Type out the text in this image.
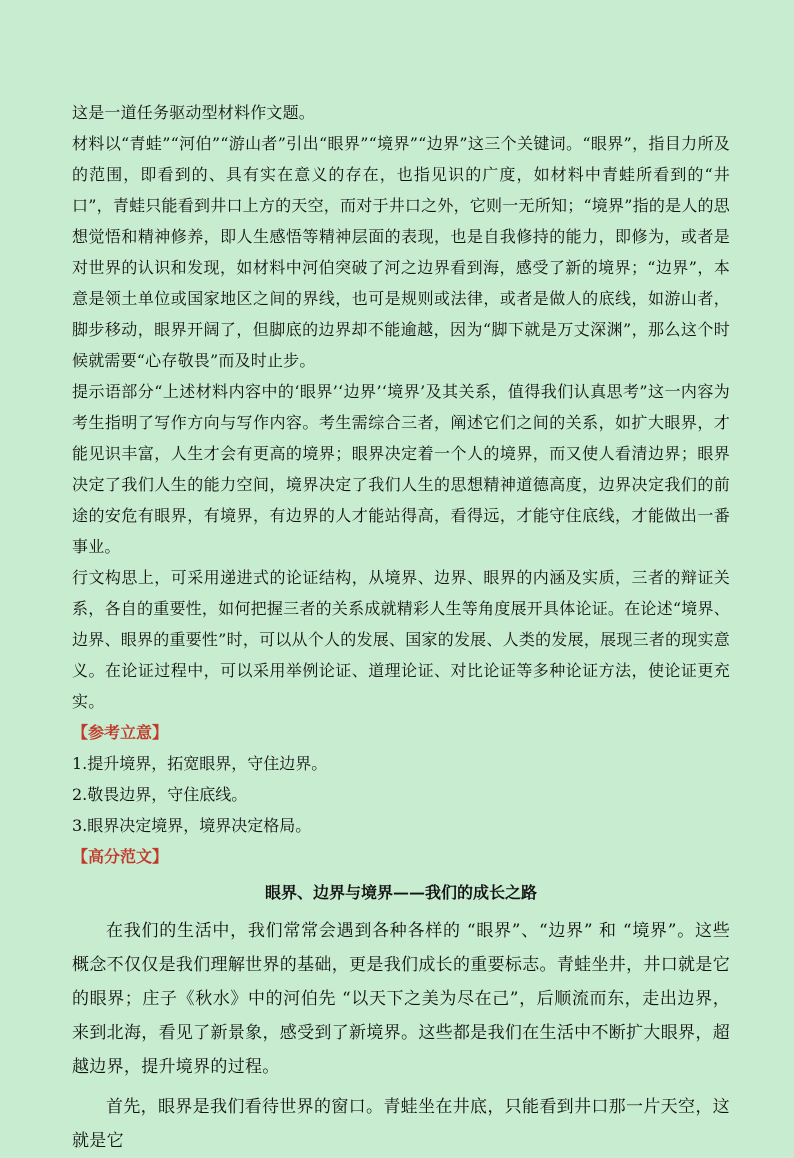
这是一道任务驱动型材料作文题。

材料以“青蛙”“河伯”“游山者”引出“眼界”“境界”“边界”这三个关键词。“眼界”，指目力所及的范围，即看到的、具有实在意义的存在，也指见识的广度，如材料中青蛙所看到的“井口”，青蛙只能看到井口上方的天空，而对于井口之外，它则一无所知；“境界”指的是人的思想觉悟和精神修养，即人生感悟等精神层面的表现，也是自我修持的能力，即修为，或者是对世界的认识和发现，如材料中河伯突破了河之边界看到海，感受了新的境界；“边界”，本意是领土单位或国家地区之间的界线，也可是规则或法律，或者是做人的底线，如游山者，脚步移动，眼界开阔了，但脚底的边界却不能逾越，因为“脚下就是万丈深渊”，那么这个时候就需要“心存敬畏”而及时止步。

提示语部分“上述材料内容中的‘眼界’‘边界’‘境界’及其关系，值得我们认真思考”这一内容为考生指明了写作方向与写作内容。考生需综合三者，阐述它们之间的关系，如扩大眼界，才能见识丰富，人生才会有更高的境界；眼界决定着一个人的境界，而又使人看清边界；眼界决定了我们人生的能力空间，境界决定了我们人生的思想精神道德高度，边界决定我们的前途的安危有眼界，有境界，有边界的人才能站得高，看得远，才能守住底线，才能做出一番事业。

行文构思上，可采用递进式的论证结构，从境界、边界、眼界的内涵及实质，三者的辩证关系，各自的重要性，如何把握三者的关系成就精彩人生等角度展开具体论证。在论述“境界、边界、眼界的重要性”时，可以从个人的发展、国家的发展、人类的发展，展现三者的现实意义。在论证过程中，可以采用举例论证、道理论证、对比论证等多种论证方法，使论证更充实。

【参考立意】

1.提升境界，拓宽眼界，守住边界。

2.敬畏边界，守住底线。

3.眼界决定境界，境界决定格局。

【高分范文】

眼界、边界与境界——我们的成长之路

在我们的生活中，我们常常会遇到各种各样的 “眼界”、“边界” 和 “境界”。这些概念不仅仅是我们理解世界的基础，更是我们成长的重要标志。青蛙坐井，井口就是它的眼界；庄子《秋水》中的河伯先 “以天下之美为尽在己”，后顺流而东，走出边界，来到北海，看见了新景象，感受到了新境界。这些都是我们在生活中不断扩大眼界，超越边界，提升境界的过程。

首先，眼界是我们看待世界的窗口。青蛙坐在井底，只能看到井口那一片天空，这就是它
